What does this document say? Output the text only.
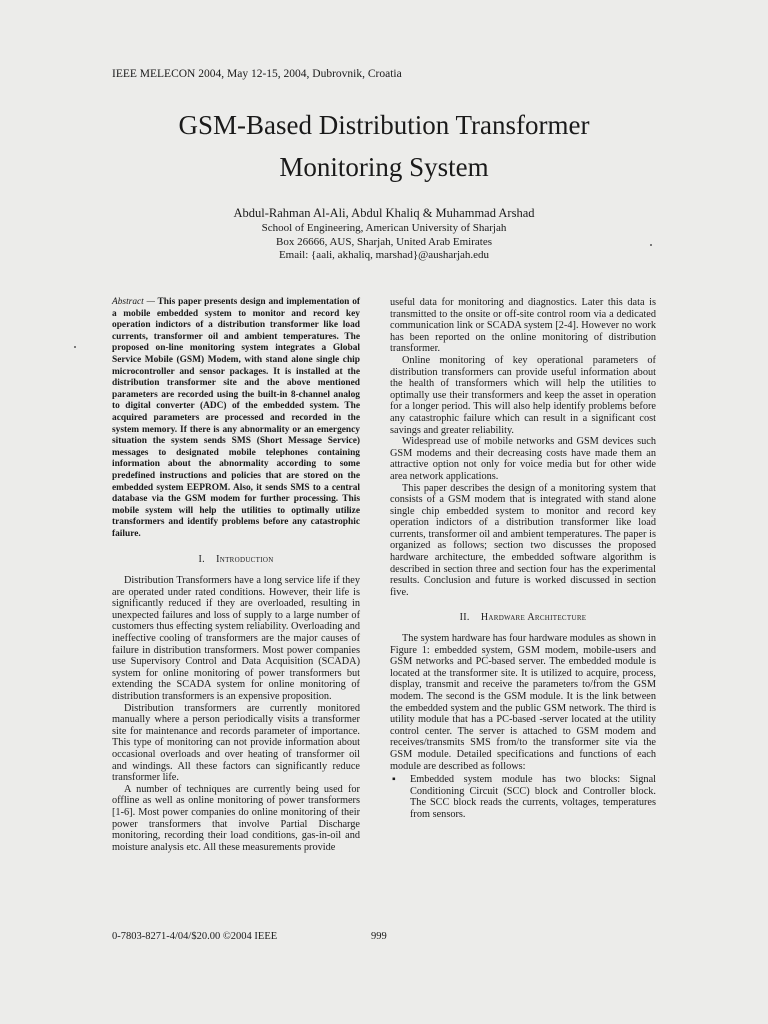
IEEE MELECON 2004, May 12-15, 2004, Dubrovnik, Croatia
GSM-Based Distribution Transformer
Monitoring System
Abdul-Rahman Al-Ali, Abdul Khaliq & Muhammad Arshad
School of Engineering, American University of Sharjah
Box 26666, AUS, Sharjah, United Arab Emirates
Email: {aali, akhaliq, marshad}@ausharjah.edu

Abstract — This paper presents design and implementation of a mobile embedded system to monitor and record key operation indictors of a distribution transformer like load currents, transformer oil and ambient temperatures. The proposed on-line monitoring system integrates a Global Service Mobile (GSM) Modem, with stand alone single chip microcontroller and sensor packages. It is installed at the distribution transformer site and the above mentioned parameters are recorded using the built-in 8-channel analog to digital converter (ADC) of the embedded system. The acquired parameters are processed and recorded in the system memory. If there is any abnormality or an emergency situation the system sends SMS (Short Message Service) messages to designated mobile telephones containing information about the abnormality according to some predefined instructions and policies that are stored on the embedded system EEPROM. Also, it sends SMS to a central database via the GSM modem for further processing. This mobile system will help the utilities to optimally utilize transformers and identify problems before any catastrophic failure.

I. Introduction

Distribution Transformers have a long service life if they are operated under rated conditions. However, their life is significantly reduced if they are overloaded, resulting in unexpected failures and loss of supply to a large number of customers thus effecting system reliability. Overloading and ineffective cooling of transformers are the major causes of failure in distribution transformers. Most power companies use Supervisory Control and Data Acquisition (SCADA) system for online monitoring of power transformers but extending the SCADA system for online monitoring of distribution transformers is an expensive proposition.

Distribution transformers are currently monitored manually where a person periodically visits a transformer site for maintenance and records parameter of importance. This type of monitoring can not provide information about occasional overloads and over heating of transformer oil and windings. All these factors can significantly reduce transformer life.

A number of techniques are currently being used for offline as well as online monitoring of power transformers [1-6]. Most power companies do online monitoring of their power transformers that involve Partial Discharge monitoring, recording their load conditions, gas-in-oil and moisture analysis etc. All these measurements provide

useful data for monitoring and diagnostics. Later this data is transmitted to the onsite or off-site control room via a dedicated communication link or SCADA system [2-4]. However no work has been reported on the online monitoring of distribution transformer.

Online monitoring of key operational parameters of distribution transformers can provide useful information about the health of transformers which will help the utilities to optimally use their transformers and keep the asset in operation for a longer period. This will also help identify problems before any catastrophic failure which can result in a significant cost savings and greater reliability.

Widespread use of mobile networks and GSM devices such GSM modems and their decreasing costs have made them an attractive option not only for voice media but for other wide area network applications.

This paper describes the design of a monitoring system that consists of a GSM modem that is integrated with stand alone single chip embedded system to monitor and record key operation indictors of a distribution transformer like load currents, transformer oil and ambient temperatures. The paper is organized as follows; section two discusses the proposed hardware architecture, the embedded software algorithm is described in section three and section four has the experimental results. Conclusion and future is worked discussed in section five.

II. Hardware Architecture

The system hardware has four hardware modules as shown in Figure 1: embedded system, GSM modem, mobile-users and GSM networks and PC-based server. The embedded module is located at the transformer site. It is utilized to acquire, process, display, transmit and receive the parameters to/from the GSM modem. The second is the GSM module. It is the link between the embedded system and the public GSM network. The third is utility module that has a PC-based -server located at the utility control center. The server is attached to GSM modem and receives/transmits SMS from/to the transformer site via the GSM module. Detailed specifications and functions of each module are described as follows:

▪ Embedded system module has two blocks: Signal Conditioning Circuit (SCC) block and Controller block. The SCC block reads the currents, voltages, temperatures from sensors.
0-7803-8271-4/04/$20.00 ©2004 IEEE	999
